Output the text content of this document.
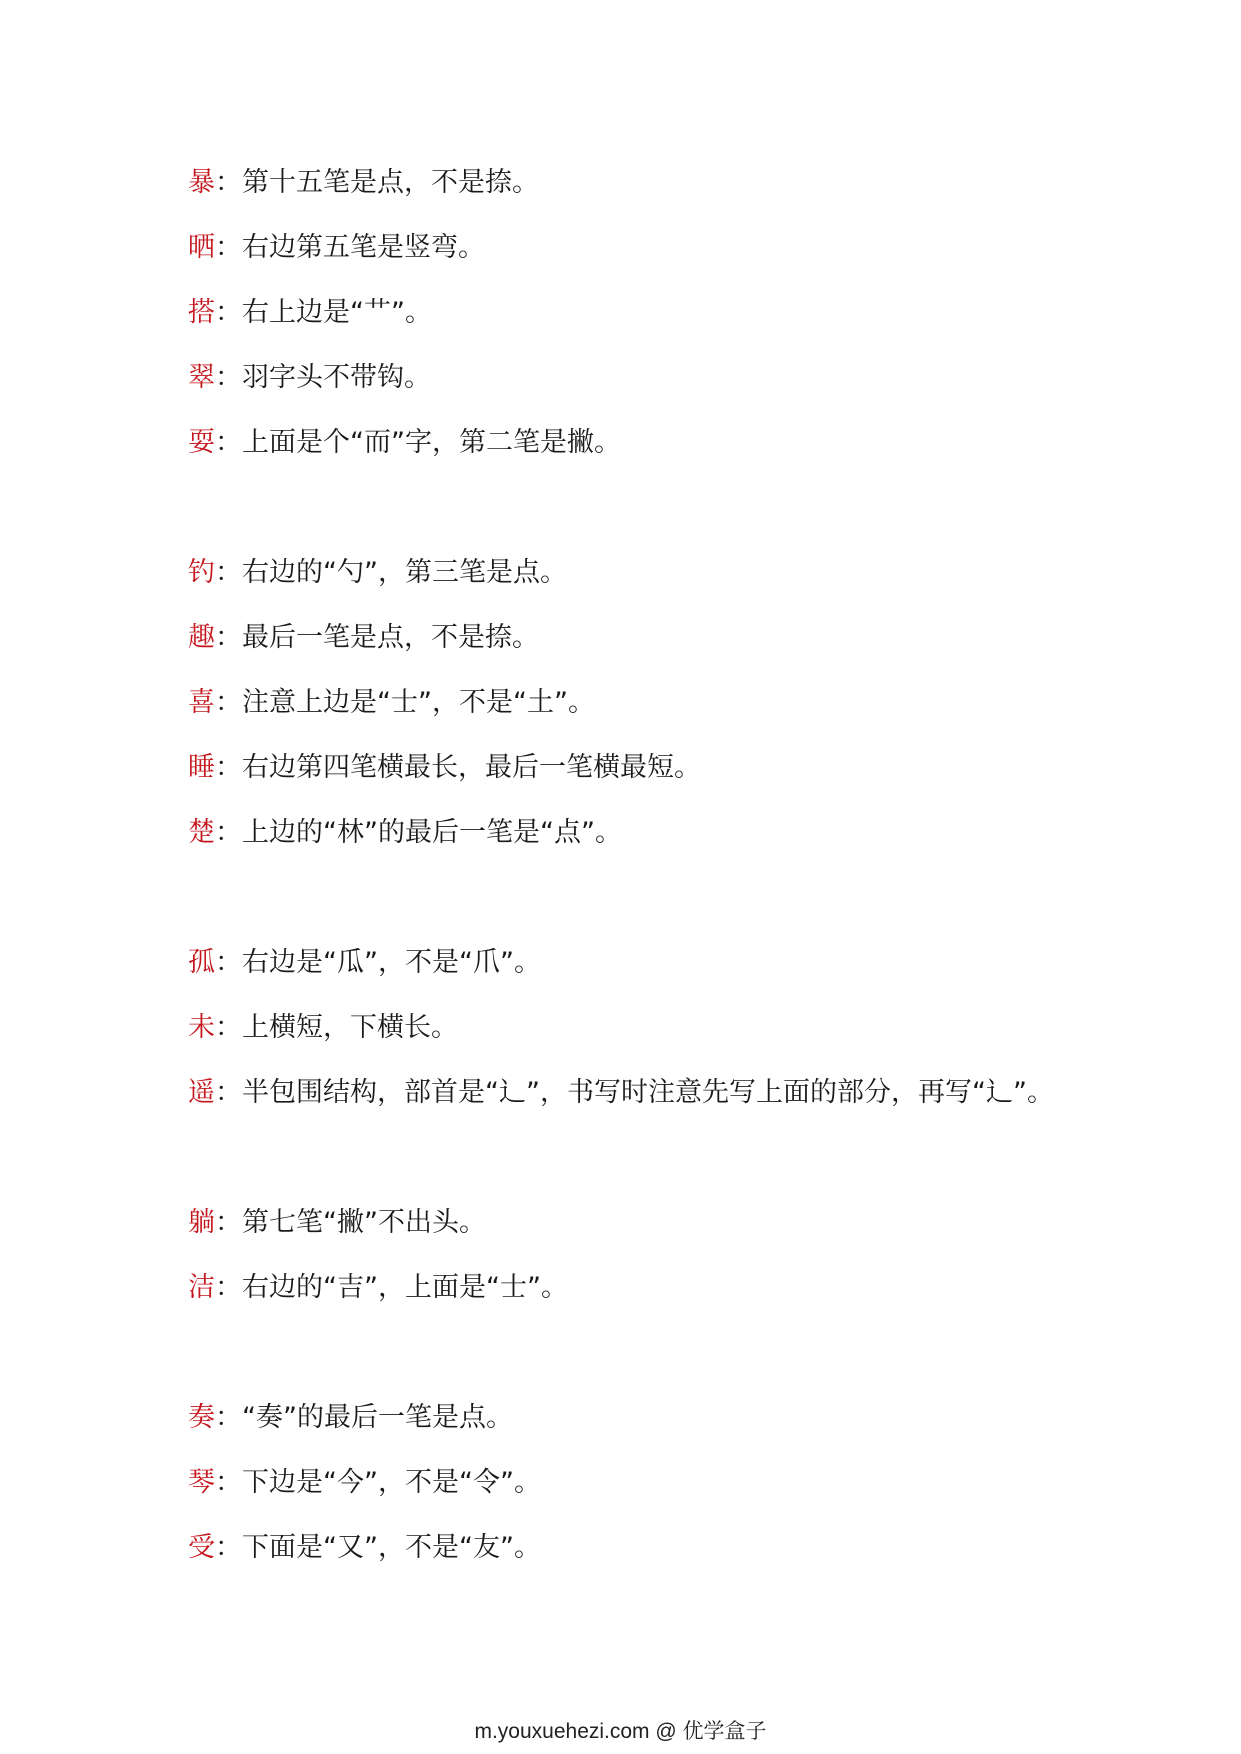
暴：第十五笔是点，不是捺。
晒：右边第五笔是竖弯。
搭：右上边是“艹”。
翠：羽字头不带钩。
耍：上面是个“而”字，第二笔是撇。
钓：右边的“勺”，第三笔是点。
趣：最后一笔是点，不是捺。
喜：注意上边是“士”，不是“土”。
睡：右边第四笔横最长，最后一笔横最短。
楚：上边的“林”的最后一笔是“点”。
孤：右边是“瓜”，不是“爪”。
未：上横短，下横长。
遥：半包围结构，部首是“辶”，书写时注意先写上面的部分，再写“辶”。
躺：第七笔“撇”不出头。
洁：右边的“吉”，上面是“士”。
奏：“奏”的最后一笔是点。
琴：下边是“今”，不是“令”。
受：下面是“又”，不是“友”。
m.youxuehezi.com @ 优学盒子
